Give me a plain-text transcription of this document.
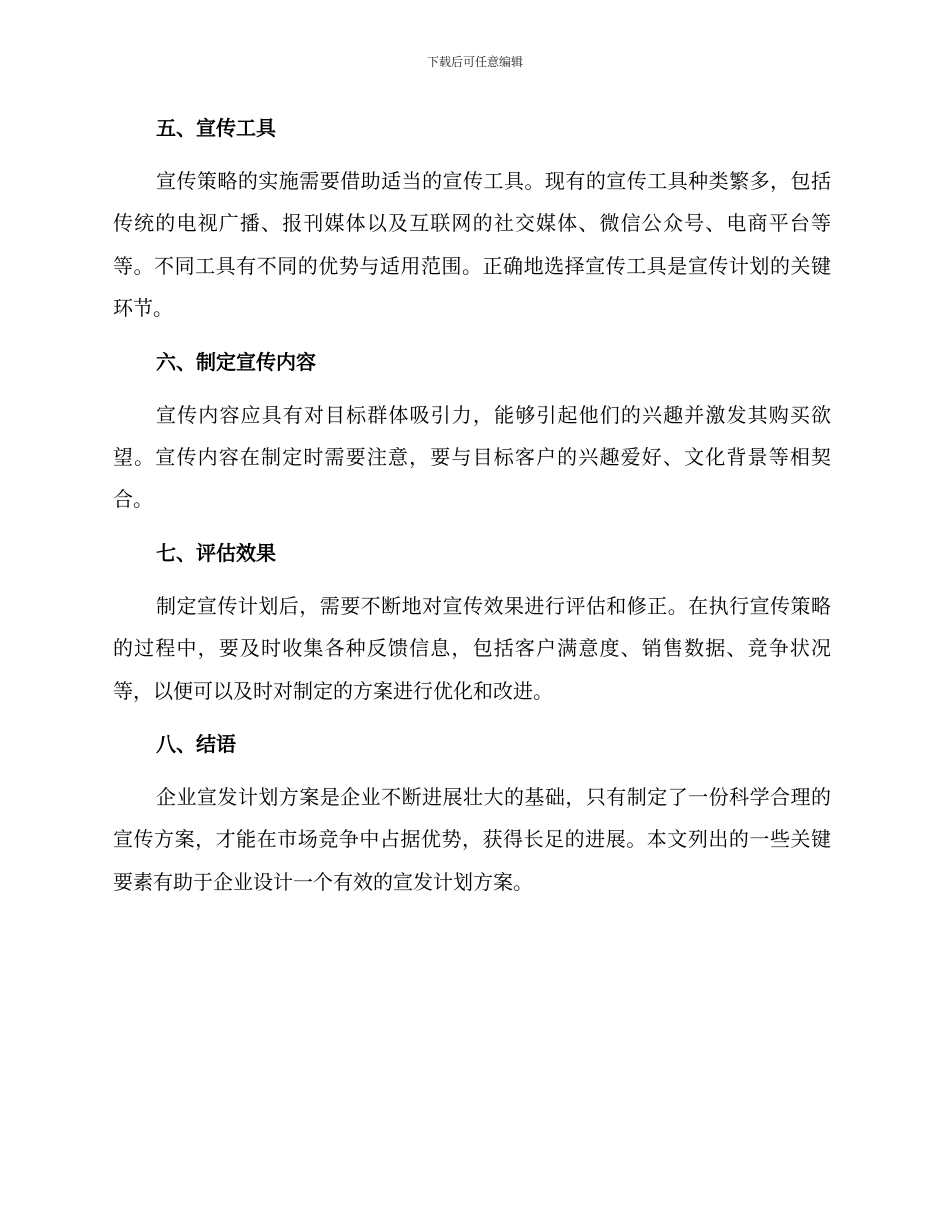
下载后可任意编辑
五、宣传工具

宣传策略的实施需要借助适当的宣传工具。现有的宣传工具种类繁多，包括传统的电视广播、报刊媒体以及互联网的社交媒体、微信公众号、电商平台等等。不同工具有不同的优势与适用范围。正确地选择宣传工具是宣传计划的关键环节。

六、制定宣传内容

宣传内容应具有对目标群体吸引力，能够引起他们的兴趣并激发其购买欲望。宣传内容在制定时需要注意，要与目标客户的兴趣爱好、文化背景等相契合。

七、评估效果

制定宣传计划后，需要不断地对宣传效果进行评估和修正。在执行宣传策略的过程中，要及时收集各种反馈信息，包括客户满意度、销售数据、竞争状况等，以便可以及时对制定的方案进行优化和改进。

八、结语

企业宣发计划方案是企业不断进展壮大的基础，只有制定了一份科学合理的宣传方案，才能在市场竞争中占据优势，获得长足的进展。本文列出的一些关键要素有助于企业设计一个有效的宣发计划方案。
